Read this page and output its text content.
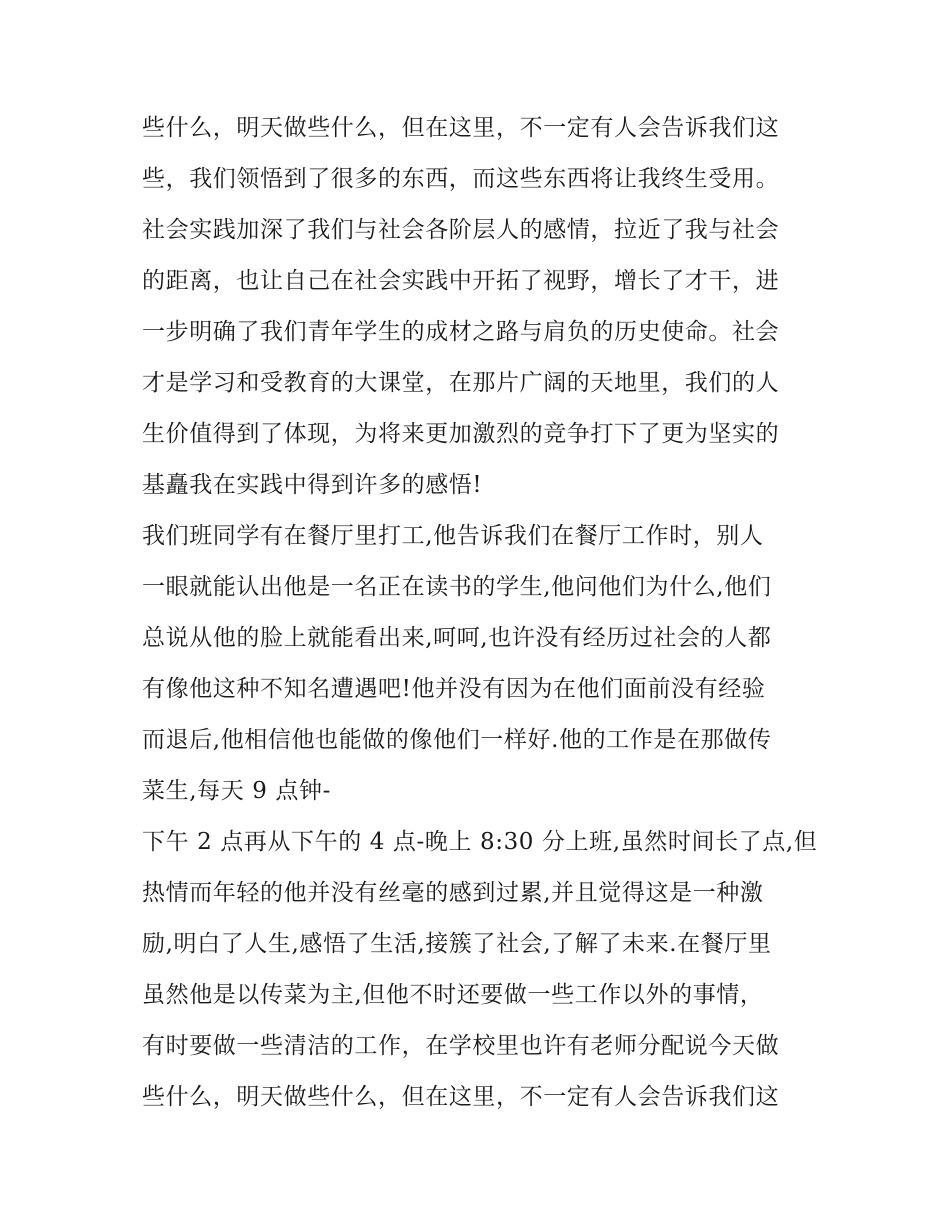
些什么，明天做些什么，但在这里，不一定有人会告诉我们这
些，我们领悟到了很多的东西，而这些东西将让我终生受用。
社会实践加深了我们与社会各阶层人的感情，拉近了我与社会
的距离，也让自己在社会实践中开拓了视野，增长了才干，进
一步明确了我们青年学生的成材之路与肩负的历史使命。社会
才是学习和受教育的大课堂，在那片广阔的天地里，我们的人
生价值得到了体现，为将来更加激烈的竞争打下了更为坚实的
基矗我在实践中得到许多的感悟!
我们班同学有在餐厅里打工,他告诉我们在餐厅工作时，别人
一眼就能认出他是一名正在读书的学生,他问他们为什么,他们
总说从他的脸上就能看出来,呵呵,也许没有经历过社会的人都
有像他这种不知名遭遇吧!他并没有因为在他们面前没有经验
而退后,他相信他也能做的像他们一样好.他的工作是在那做传
菜生,每天 9 点钟-
下午 2 点再从下午的 4 点-晚上 8:30 分上班,虽然时间长了点,但
热情而年轻的他并没有丝毫的感到过累,并且觉得这是一种激
励,明白了人生,感悟了生活,接簇了社会,了解了未来.在餐厅里
虽然他是以传菜为主,但他不时还要做一些工作以外的事情，
有时要做一些清洁的工作，在学校里也许有老师分配说今天做
些什么，明天做些什么，但在这里，不一定有人会告诉我们这
